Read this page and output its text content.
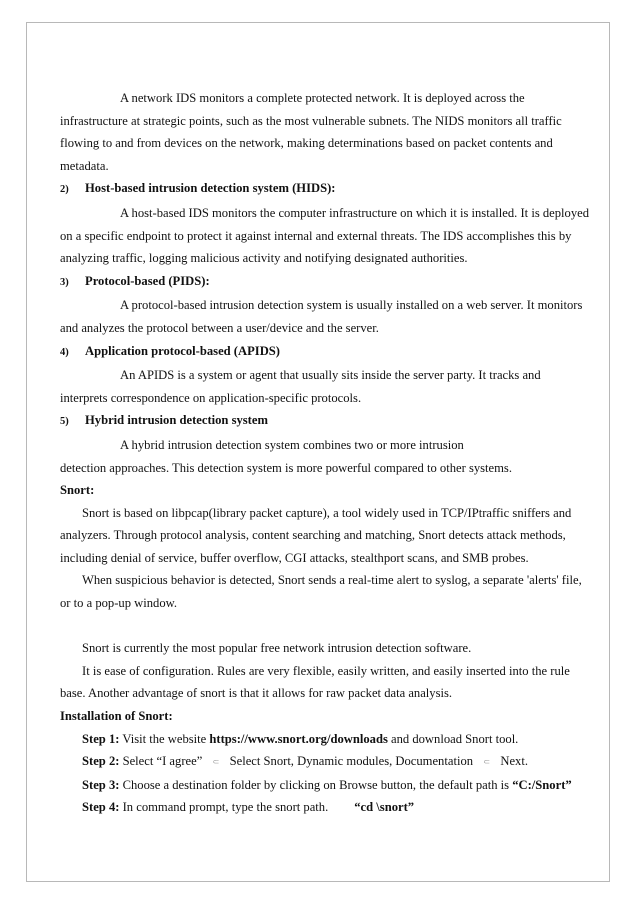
A network IDS monitors a complete protected network. It is deployed across the infrastructure at strategic points, such as the most vulnerable subnets. The NIDS monitors all traffic flowing to and from devices on the network, making determinations based on packet contents and metadata.

2) Host-based intrusion detection system (HIDS):

A host-based IDS monitors the computer infrastructure on which it is installed. It is deployed on a specific endpoint to protect it against internal and external threats. The IDS accomplishes this by analyzing traffic, logging malicious activity and notifying designated authorities.

3) Protocol-based (PIDS):

A protocol-based intrusion detection system is usually installed on a web server. It monitors and analyzes the protocol between a user/device and the server.

4) Application protocol-based (APIDS)

An APIDS is a system or agent that usually sits inside the server party. It tracks and interprets correspondence on application-specific protocols.

5) Hybrid intrusion detection system

A hybrid intrusion detection system combines two or more intrusion

detection approaches. This detection system is more powerful compared to other systems.

Snort:

Snort is based on libpcap(library packet capture), a tool widely used in TCP/IPtraffic sniffers and analyzers. Through protocol analysis, content searching and matching, Snort detects attack methods, including denial of service, buffer overflow, CGI attacks, stealthport scans, and SMB probes.

When suspicious behavior is detected, Snort sends a real-time alert to syslog, a separate 'alerts' file, or to a pop-up window.

Snort is currently the most popular free network intrusion detection software.

It is ease of configuration. Rules are very flexible, easily written, and easily inserted into the rule base. Another advantage of snort is that it allows for raw packet data analysis.

Installation of Snort:

Step 1: Visit the website https://www.snort.org/downloads and download Snort tool.

Step 2: Select “I agree” ⸦ Select Snort, Dynamic modules, Documentation ⸦ Next.

Step 3: Choose a destination folder by clicking on Browse button, the default path is “C:/Snort”

Step 4: In command prompt, type the snort path. “cd \snort”
